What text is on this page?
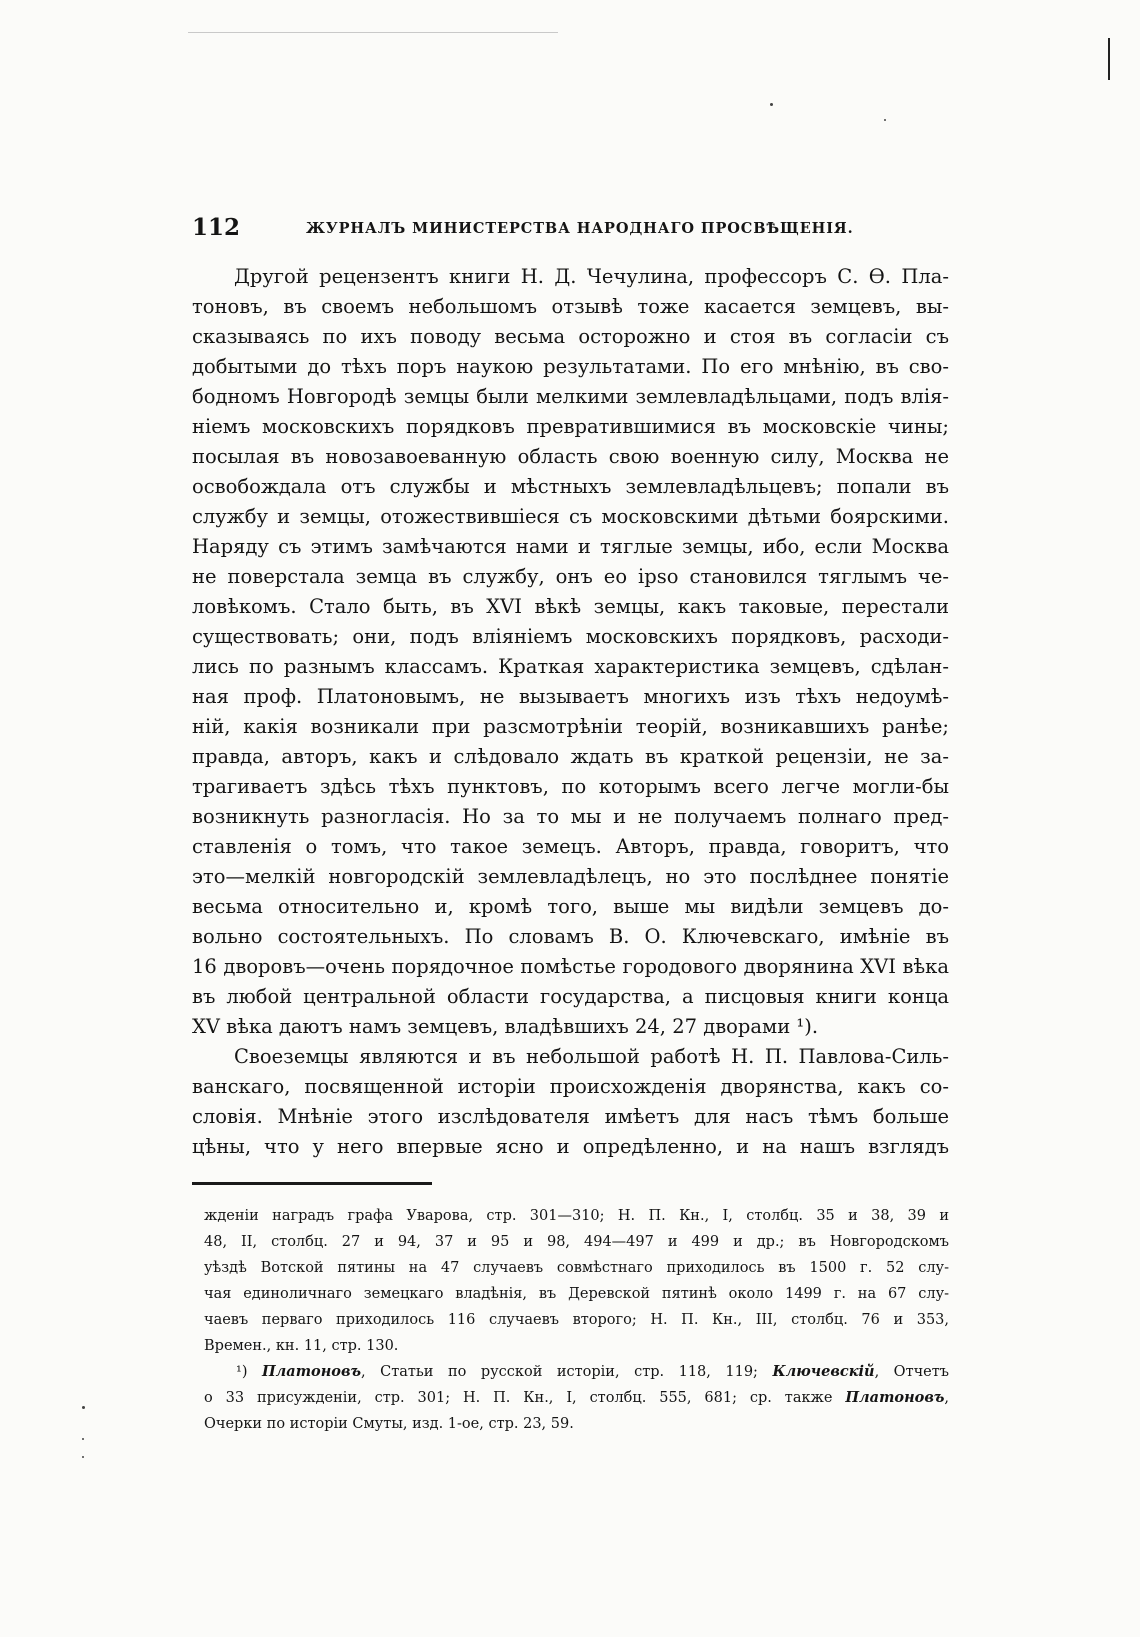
112	ЖУРНАЛЪ МИНИСТЕРСТВА НАРОДНАГО ПРОСВѢЩЕНІЯ.
Другой рецензентъ книги Н. Д. Чечулина, профессоръ С. Ѳ. Пла-
тоновъ, въ своемъ небольшомъ отзывѣ тоже касается земцевъ, вы-
сказываясь по ихъ поводу весьма осторожно и стоя въ согласіи съ
добытыми до тѣхъ поръ наукою результатами. По его мнѣнію, въ сво-
бодномъ Новгородѣ земцы были мелкими землевладѣльцами, подъ влія-
ніемъ московскихъ порядковъ превратившимися въ московскіе чины;
посылая въ новозавоеванную область свою военную силу, Москва не
освобождала отъ службы и мѣстныхъ землевладѣльцевъ; попали въ
службу и земцы, отожествившіеся съ московскими дѣтьми боярскими.
Наряду съ этимъ замѣчаются нами и тяглые земцы, ибо, если Москва
не поверстала земца въ службу, онъ eo ipso становился тяглымъ че-
ловѣкомъ. Стало быть, въ XVI вѣкѣ земцы, какъ таковые, перестали
существовать; они, подъ вліяніемъ московскихъ порядковъ, расходи-
лись по разнымъ классамъ. Краткая характеристика земцевъ, сдѣлан-
ная проф. Платоновымъ, не вызываетъ многихъ изъ тѣхъ недоумѣ-
ній, какія возникали при разсмотрѣніи теорій, возникавшихъ ранѣе;
правда, авторъ, какъ и слѣдовало ждать въ краткой рецензіи, не за-
трагиваетъ здѣсь тѣхъ пунктовъ, по которымъ всего легче могли-бы
возникнуть разногласія. Но за то мы и не получаемъ полнаго пред-
ставленія о томъ, что такое земецъ. Авторъ, правда, говоритъ, что
это—мелкій новгородскій землевладѣлецъ, но это послѣднее понятіе
весьма относительно и, кромѣ того, выше мы видѣли земцевъ до-
вольно состоятельныхъ. По словамъ В. О. Ключевскаго, имѣніе въ
16 дворовъ—очень порядочное помѣстье городового дворянина XVI вѣка
въ любой центральной области государства, а писцовыя книги конца
XV вѣка даютъ намъ земцевъ, владѣвшихъ 24, 27 дворами ¹).
Своеземцы являются и въ небольшой работѣ Н. П. Павлова-Силь-
ванскаго, посвященной исторіи происхожденія дворянства, какъ со-
словія. Мнѣніе этого изслѣдователя имѣетъ для насъ тѣмъ больше
цѣны, что у него впервые ясно и опредѣленно, и на нашъ взглядъ
жденіи наградъ графа Уварова, стр. 301—310; Н. П. Кн., I, столбц. 35 и 38, 39 и
48, II, столбц. 27 и 94, 37 и 95 и 98, 494—497 и 499 и др.; въ Новгородскомъ
уѣздѣ Вотской пятины на 47 случаевъ совмѣстнаго приходилось въ 1500 г. 52 слу-
чая единоличнаго земецкаго владѣнія, въ Деревской пятинѣ около 1499 г. на 67 слу-
чаевъ перваго приходилось 116 случаевъ второго; Н. П. Кн., III, столбц. 76 и 353,
Времен., кн. 11, стр. 130.
¹) Платоновъ, Статьи по русской исторіи, стр. 118, 119; Ключевскій, Отчетъ
о 33 присужденіи, стр. 301; Н. П. Кн., I, столбц. 555, 681; ср. также Платоновъ,
Очерки по исторіи Смуты, изд. 1-ое, стр. 23, 59.
